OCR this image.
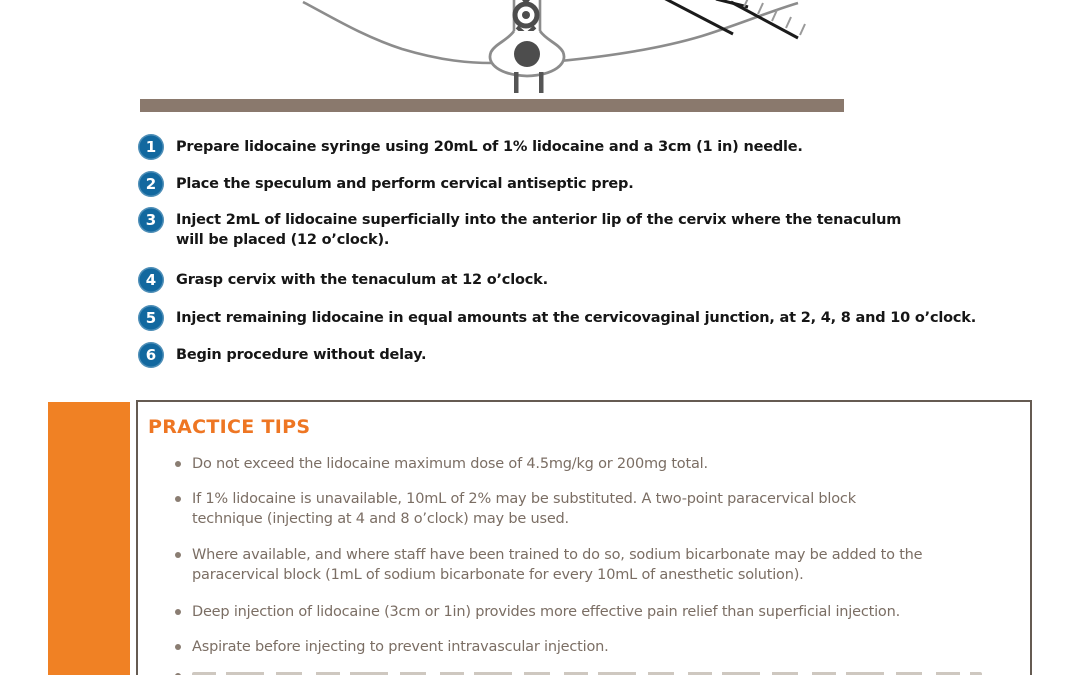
1	Prepare lidocaine syringe using 20mL of 1% lidocaine and a 3cm (1 in) needle.
2	Place the speculum and perform cervical antiseptic prep.
3	Inject 2mL of lidocaine superficially into the anterior lip of the cervix where the tenaculum
will be placed (12 o’clock).
4	Grasp cervix with the tenaculum at 12 o’clock.
5	Inject remaining lidocaine in equal amounts at the cervicovaginal junction, at 2, 4, 8 and 10 o’clock.
6	Begin procedure without delay.
PRACTICE TIPS
Do not exceed the lidocaine maximum dose of 4.5mg/kg or 200mg total.
If 1% lidocaine is unavailable, 10mL of 2% may be substituted. A two-point paracervical block
technique (injecting at 4 and 8 o’clock) may be used.
Where available, and where staff have been trained to do so, sodium bicarbonate may be added to the
paracervical block (1mL of sodium bicarbonate for every 10mL of anesthetic solution).
Deep injection of lidocaine (3cm or 1in) provides more effective pain relief than superficial injection.
Aspirate before injecting to prevent intravascular injection.
